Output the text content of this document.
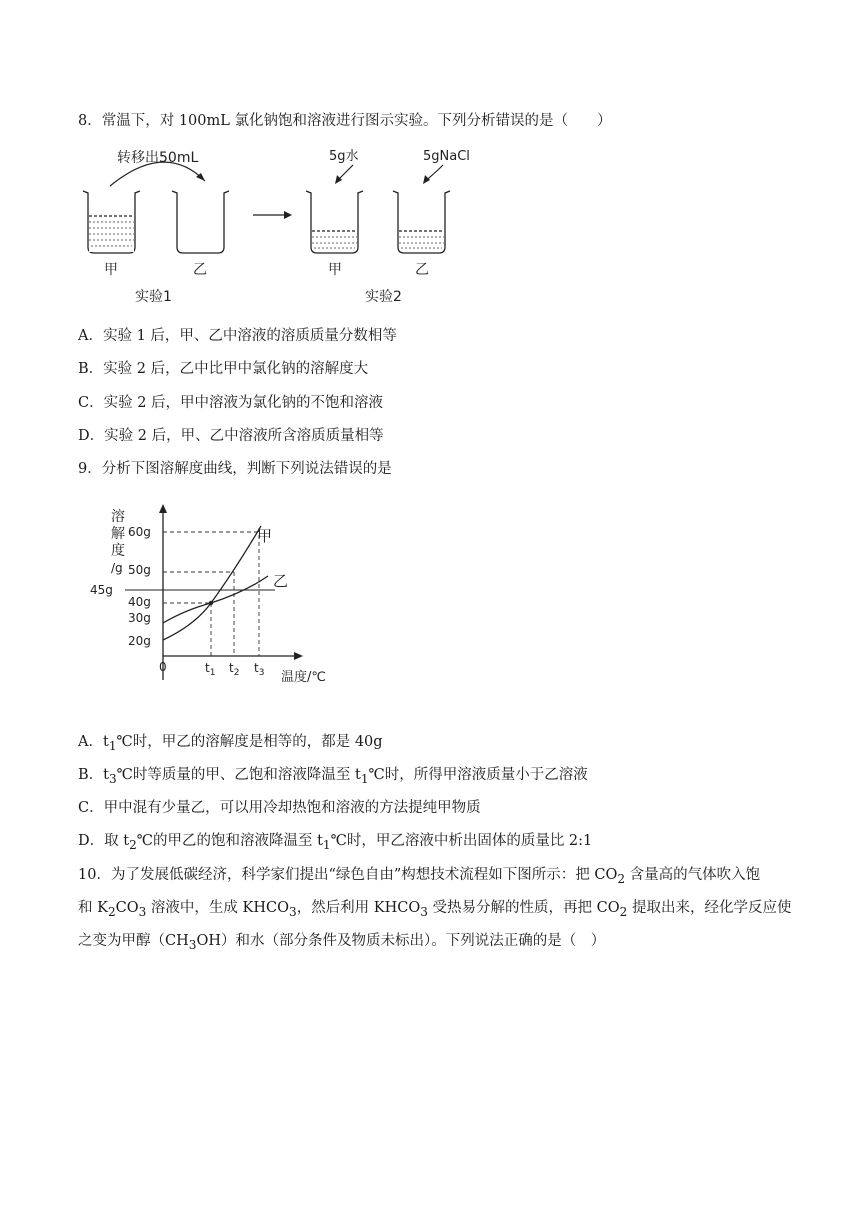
8．常温下，对 100mL 氯化钠饱和溶液进行图示实验。下列分析错误的是（　　）
转移出50mL
甲	乙	甲
5g水
乙
5gNaCl
实验1	实验2
A．实验 1 后，甲、乙中溶液的溶质质量分数相等
B．实验 2 后，乙中比甲中氯化钠的溶解度大
C．实验 2 后，甲中溶液为氯化钠的不饱和溶液
D．实验 2 后，甲、乙中溶液所含溶质质量相等
9．分析下图溶解度曲线，判断下列说法错误的是
溶
解
度
/g
60g
50g
45g
40g
30g
20g
甲
乙
0	$t_1$ $t_2$ $t_3$ 温度/℃
A．$t_1℃$时，甲乙的溶解度是相等的，都是 40g
B．$t_3℃$时等质量的甲、乙饱和溶液降温至 $t_1℃$时，所得甲溶液质量小于乙溶液
C．甲中混有少量乙，可以用冷却热饱和溶液的方法提纯甲物质
D．取 $t_2℃$的甲乙的饱和溶液降温至 $t_1℃$时，甲乙溶液中析出固体的质量比 2:1
10．为了发展低碳经济，科学家们提出“绿色自由”构想技术流程如下图所示：把 $CO_2$ 含量高的气体吹入饱
和 $K_2CO_3$ 溶液中，生成 $KHCO_3$，然后利用 $KHCO_3$ 受热易分解的性质，再把 $CO_2$ 提取出来，经化学反应使
之变为甲醇$(CH_3OH)$和水（部分条件及物质未标出）。下列说法正确的是（　）
